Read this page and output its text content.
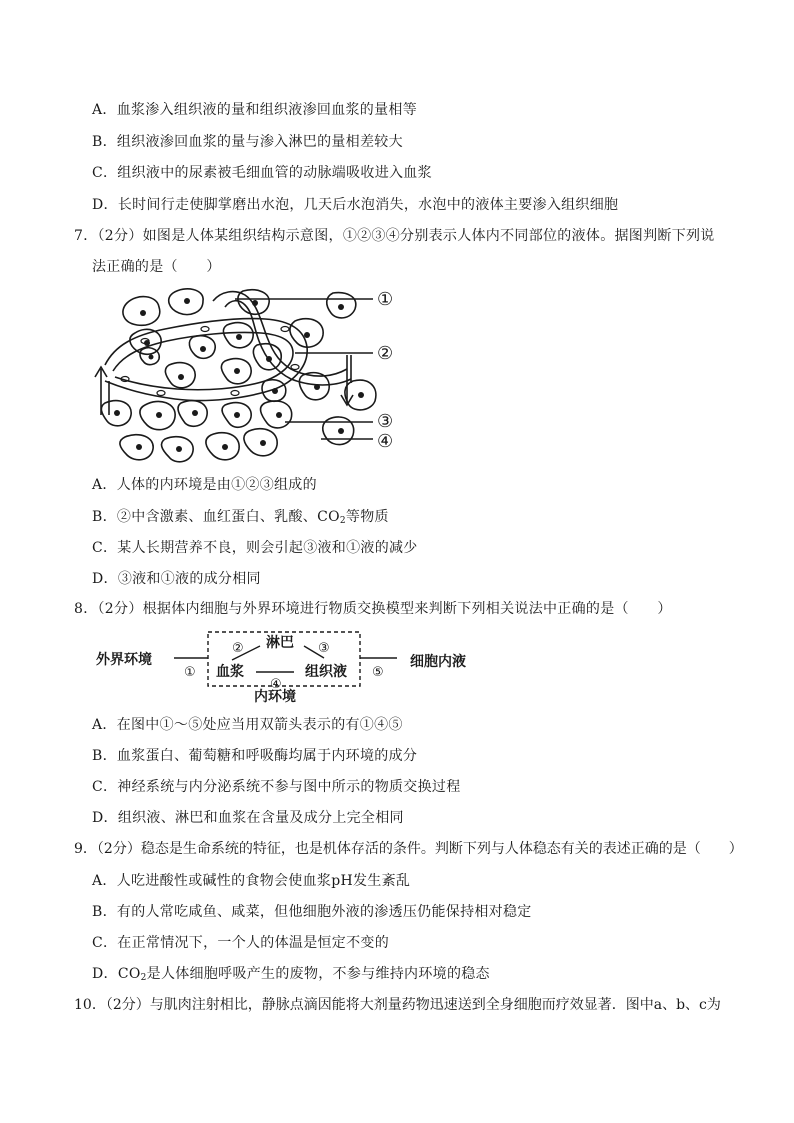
A．血浆渗入组织液的量和组织液渗回血浆的量相等
B．组织液渗回血浆的量与渗入淋巴的量相差较大
C．组织液中的尿素被毛细血管的动脉端吸收进入血浆
D．长时间行走使脚掌磨出水泡，几天后水泡消失，水泡中的液体主要渗入组织细胞
7．（2分）如图是人体某组织结构示意图，①②③④分别表示人体内不同部位的液体。据图判断下列说
法正确的是（　　）
①
②
③
④
A．人体的内环境是由①②③组成的
B．②中含激素、血红蛋白、乳酸、$CO_2$等物质
C．某人长期营养不良，则会引起③液和①液的减少
D．③液和①液的成分相同
8．（2分）根据体内细胞与外界环境进行物质交换模型来判断下列相关说法中正确的是（　　）
外界环境
淋巴
血浆	组织液
细胞内液
内环境
①
②	③
④
⑤
A．在图中①～⑤处应当用双箭头表示的有①④⑤
B．血浆蛋白、葡萄糖和呼吸酶均属于内环境的成分
C．神经系统与内分泌系统不参与图中所示的物质交换过程
D．组织液、淋巴和血浆在含量及成分上完全相同
9．（2分）稳态是生命系统的特征，也是机体存活的条件。判断下列与人体稳态有关的表述正确的是（　　）
A．人吃进酸性或碱性的食物会使血浆pH发生紊乱
B．有的人常吃咸鱼、咸菜，但他细胞外液的渗透压仍能保持相对稳定
C．在正常情况下，一个人的体温是恒定不变的
D．$CO_2$是人体细胞呼吸产生的废物，不参与维持内环境的稳态
10．（2分）与肌肉注射相比，静脉点滴因能将大剂量药物迅速送到全身细胞而疗效显著．图中a、b、c为
